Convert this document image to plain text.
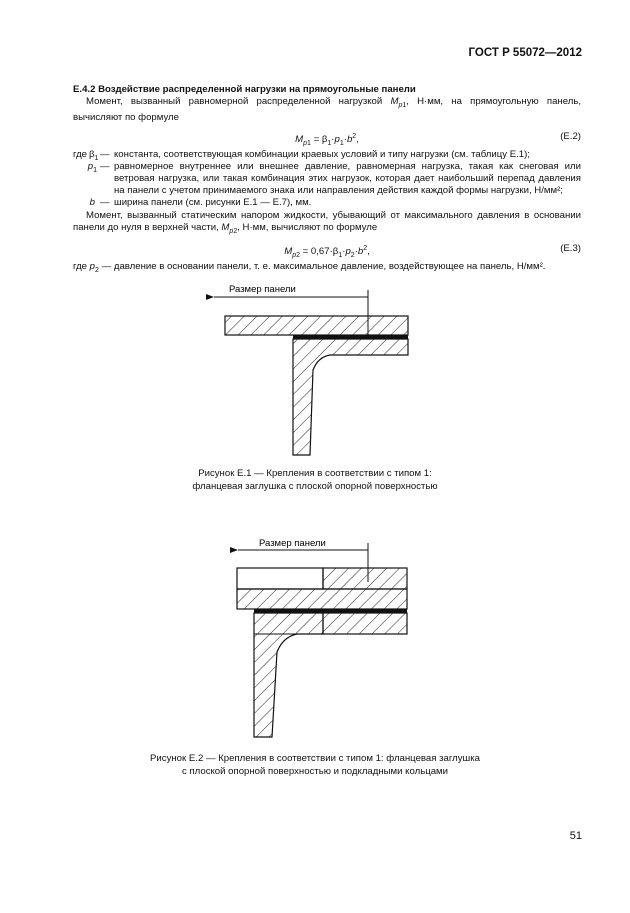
ГОСТ Р 55072—2012
Е.4.2 Воздействие распределенной нагрузки на прямоугольные панели
Момент, вызванный равномерной распределенной нагрузкой $M_{p1}$, Н·мм, на прямоугольную панель, вычисляют по формуле
$M_{p1} = \beta_1\cdot p_1\cdot b^2$,	(Е.2)
где $\beta_1$ — константа, соответствующая комбинации краевых условий и типу нагрузки (см. таблицу Е.1);
$p_1$ — равномерное внутреннее или внешнее давление, равномерная нагрузка, такая как снеговая или ветровая нагрузка, или такая комбинация этих нагрузок, которая дает наибольший перепад давления на панели с учетом принимаемого знака или направления действия каждой формы нагрузки, Н/мм²;
b — ширина панели (см. рисунки Е.1 — Е.7), мм.
Момент, вызванный статическим напором жидкости, убывающий от максимального давления в основании панели до нуля в верхней части, $M_{p2}$, Н·мм, вычисляют по формуле
$M_{p2} = 0,67\cdot\beta_1\cdot p_2\cdot b^2$,	(Е.3)
где $p_2$ — давление в основании панели, т. е. максимальное давление, воздействующее на панель, Н/мм².
Размер панели
Размер панели
Рисунок Е.1 — Крепления в соответствии с типом 1:
фланцевая заглушка с плоской опорной поверхностью
Рисунок Е.2 — Крепления в соответствии с типом 1: фланцевая заглушка
с плоской опорной поверхностью и подкладными кольцами
51
